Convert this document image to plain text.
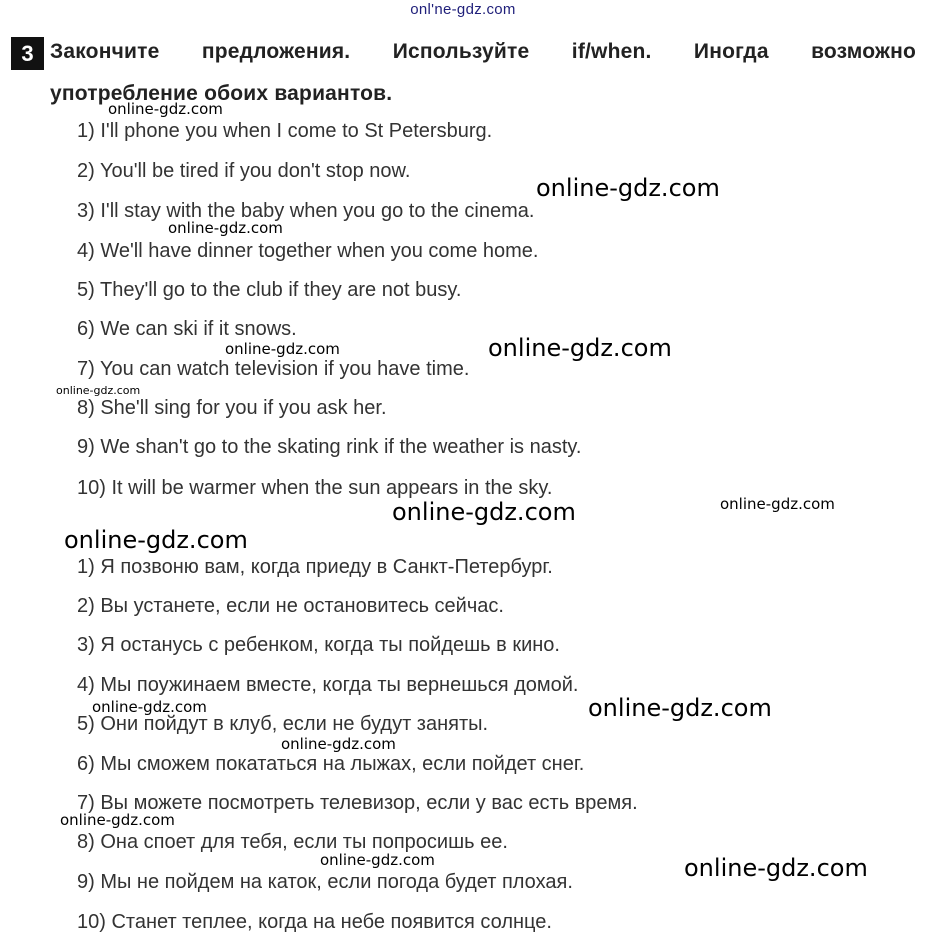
onl'ne-gdz.com
3 Закончите предложения. Используйте if/when. Иногда возможно
употребление обоих вариантов.
1) I'll phone you when I come to St Petersburg.
2) You'll be tired if you don't stop now.
3) I'll stay with the baby when you go to the cinema.
4) We'll have dinner together when you come home.
5) They'll go to the club if they are not busy.
6) We can ski if it snows.
7) You can watch television if you have time.
8) She'll sing for you if you ask her.
9) We shan't go to the skating rink if the weather is nasty.
10) It will be warmer when the sun appears in the sky.
1) Я позвоню вам, когда приеду в Санкт-Петербург.
2) Вы устанете, если не остановитесь сейчас.
3) Я останусь с ребенком, когда ты пойдешь в кино.
4) Мы поужинаем вместе, когда ты вернешься домой.
5) Они пойдут в клуб, если не будут заняты.
6) Мы сможем покататься на лыжах, если пойдет снег.
7) Вы можете посмотреть телевизор, если у вас есть время.
8) Она споет для тебя, если ты попросишь ее.
9) Мы не пойдем на каток, если погода будет плохая.
10) Станет теплее, когда на небе появится солнце.
online-gdz.com
online-gdz.com
online-gdz.com
online-gdz.com	online-gdz.com
online-gdz.com
online-gdz.com
online-gdz.com
online-gdz.com
online-gdz.com	online-gdz.com
online-gdz.com
online-gdz.com
online-gdz.com	online-gdz.com
